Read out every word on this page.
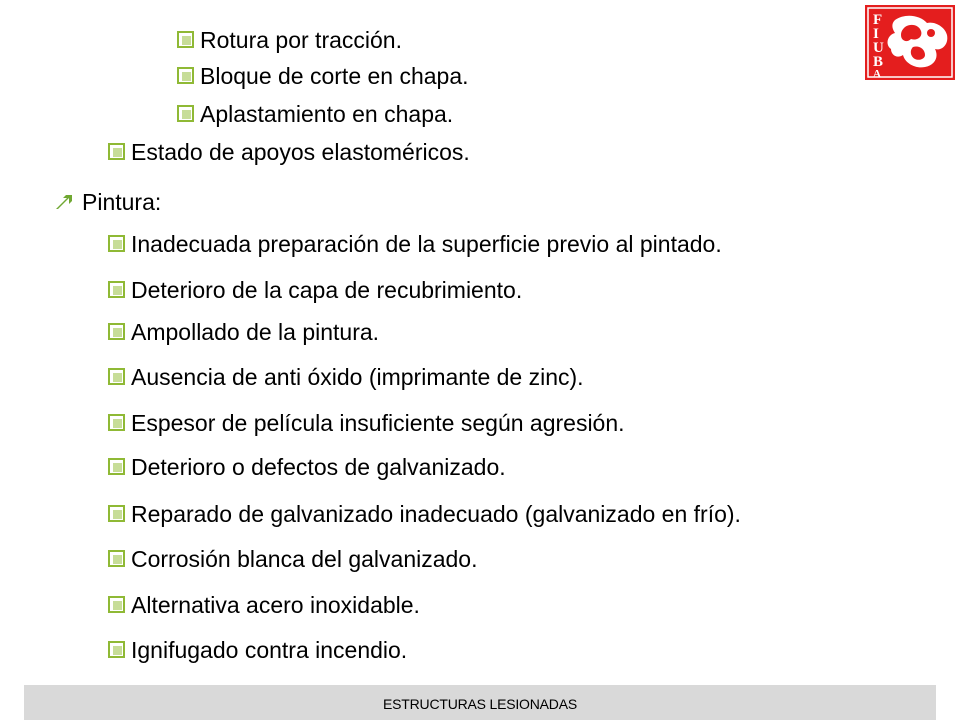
F
I
U
B
A
Rotura por tracción.
Bloque de corte en chapa.
Aplastamiento en chapa.
Estado de apoyos elastoméricos.
Pintura:
Inadecuada preparación de la superficie previo al pintado.
Deterioro de la capa de recubrimiento.
Ampollado de la pintura.
Ausencia de anti óxido (imprimante de zinc).
Espesor de película insuficiente según agresión.
Deterioro o defectos de galvanizado.
Reparado de galvanizado inadecuado (galvanizado en frío).
Corrosión blanca del galvanizado.
Alternativa acero inoxidable.
Ignifugado contra incendio.
ESTRUCTURAS LESIONADAS
